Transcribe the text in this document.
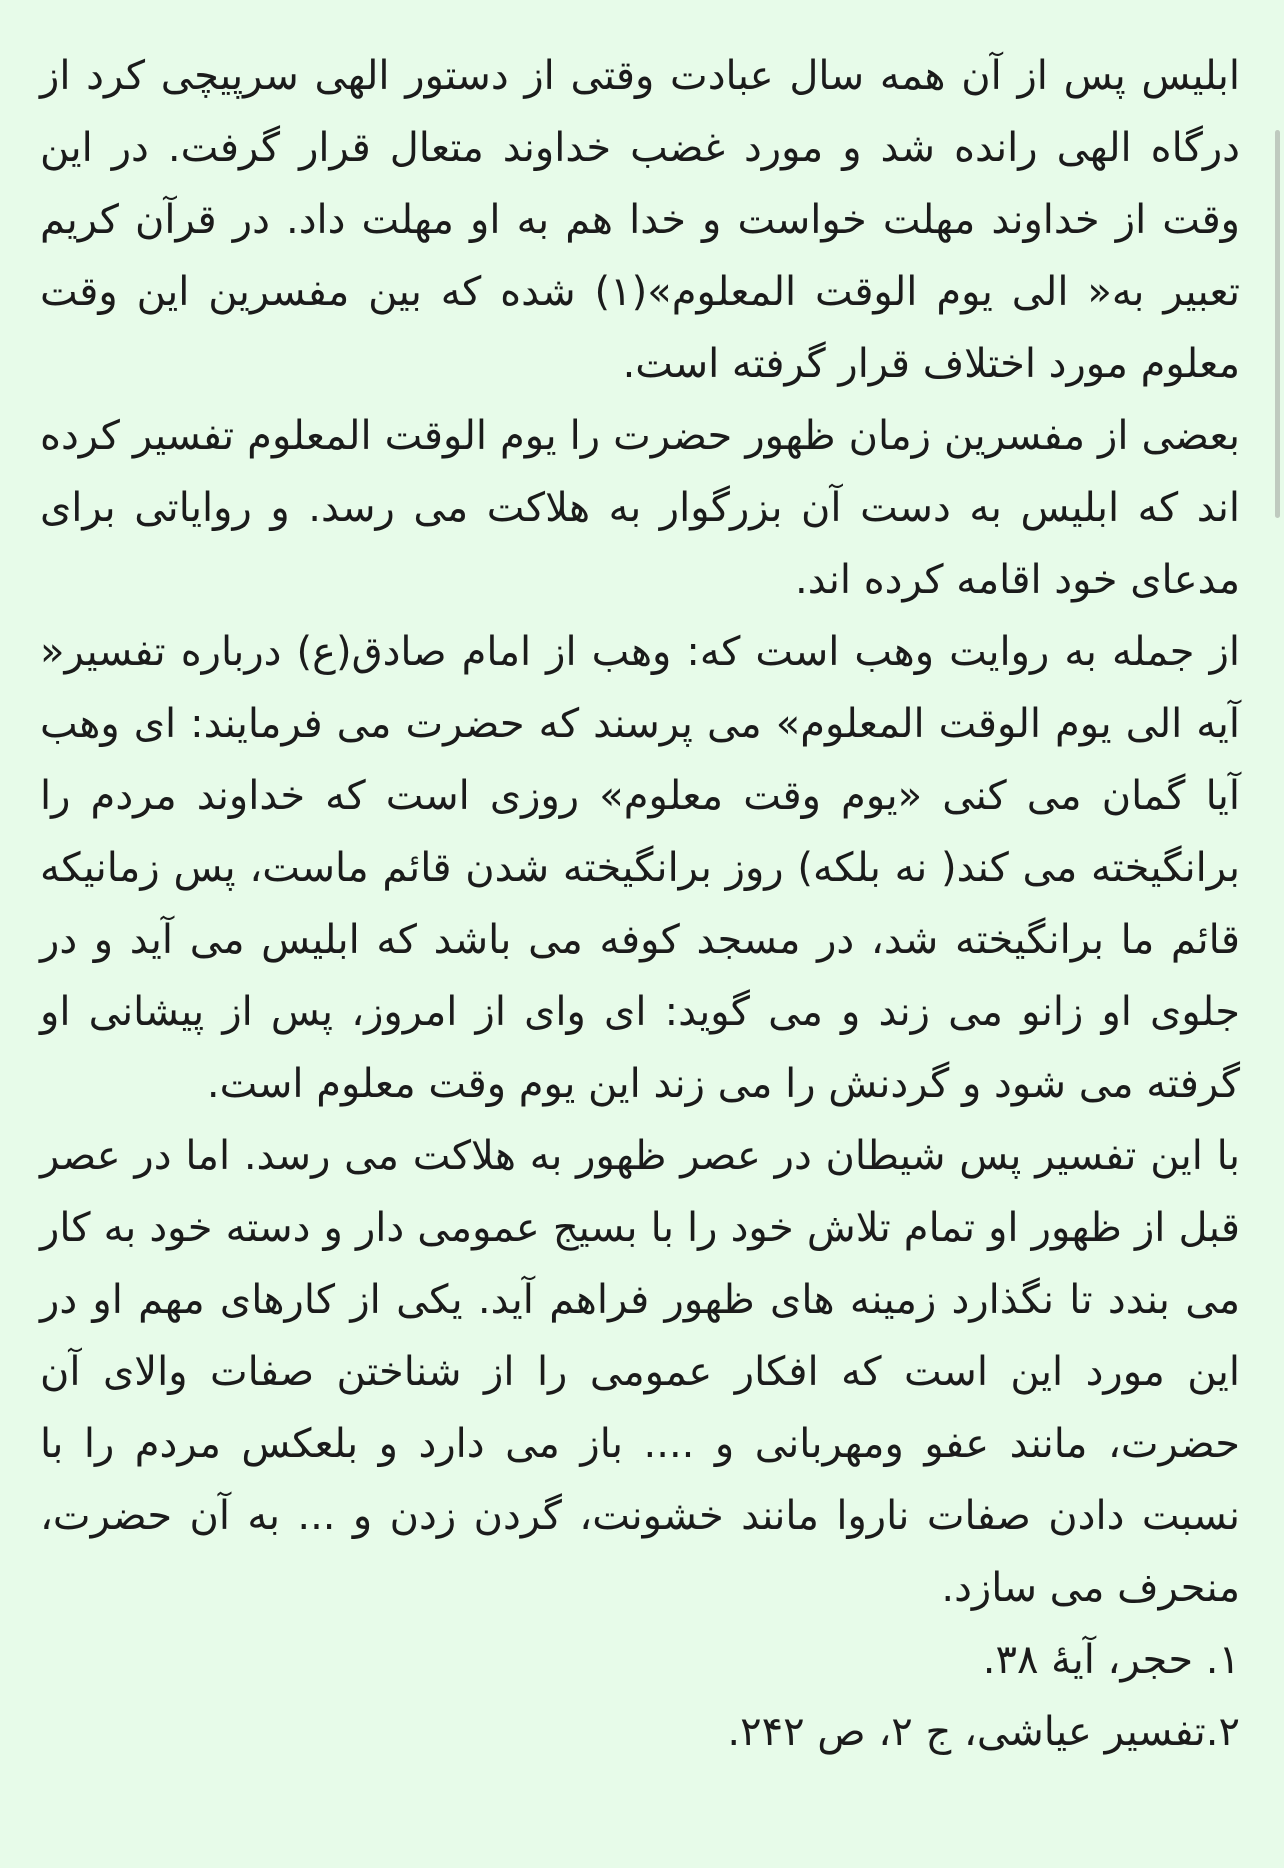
ابلیس پس از آن همه سال عبادت وقتی از دستور الهی سرپیچی کرد از درگاه الهی رانده شد و مورد غضب خداوند متعال قرار گرفت. در این وقت از خداوند مهلت خواست و خدا هم به او مهلت داد. در قرآن کریم تعبیر به« الی یوم الوقت المعلوم»(۱) شده که بین مفسرین این وقت معلوم مورد اختلاف قرار گرفته است.

بعضی از مفسرین زمان ظهور حضرت را یوم الوقت المعلوم تفسیر کرده اند که ابلیس به دست آن بزرگوار به هلاکت می رسد. و روایاتی برای مدعای خود اقامه کرده اند.

از جمله به روایت وهب است که: وهب از امام صادق(ع) درباره تفسیر« آیه الی یوم الوقت المعلوم» می پرسند که حضرت می فرمایند: ای وهب آیا گمان می کنی «یوم وقت معلوم» روزی است که خداوند مردم را برانگیخته می کند( نه بلکه) روز برانگیخته شدن قائم ماست، پس زمانیکه قائم ما برانگیخته شد، در مسجد کوفه می باشد که ابلیس می آید و در جلوی او زانو می زند و می گوید: ای وای از امروز، پس از پیشانی او گرفته می شود و گردنش را می زند این یوم وقت معلوم است.

با این تفسیر پس شیطان در عصر ظهور به هلاکت می رسد. اما در عصر قبل از ظهور او تمام تلاش خود را با بسیج عمومی دار و دسته خود به کار می بندد تا نگذارد زمینه های ظهور فراهم آید. یکی از کارهای مهم او در این مورد این است که افکار عمومی را از شناختن صفات والای آن حضرت، مانند عفو ومهربانی و .... باز می دارد و بلعکس مردم را با نسبت دادن صفات ناروا مانند خشونت، گردن زدن و ... به آن حضرت، منحرف می سازد.

۱. حجر، آیهٔ ۳۸.

۲.تفسیر عیاشی، ج ۲، ص ۲۴۲.
